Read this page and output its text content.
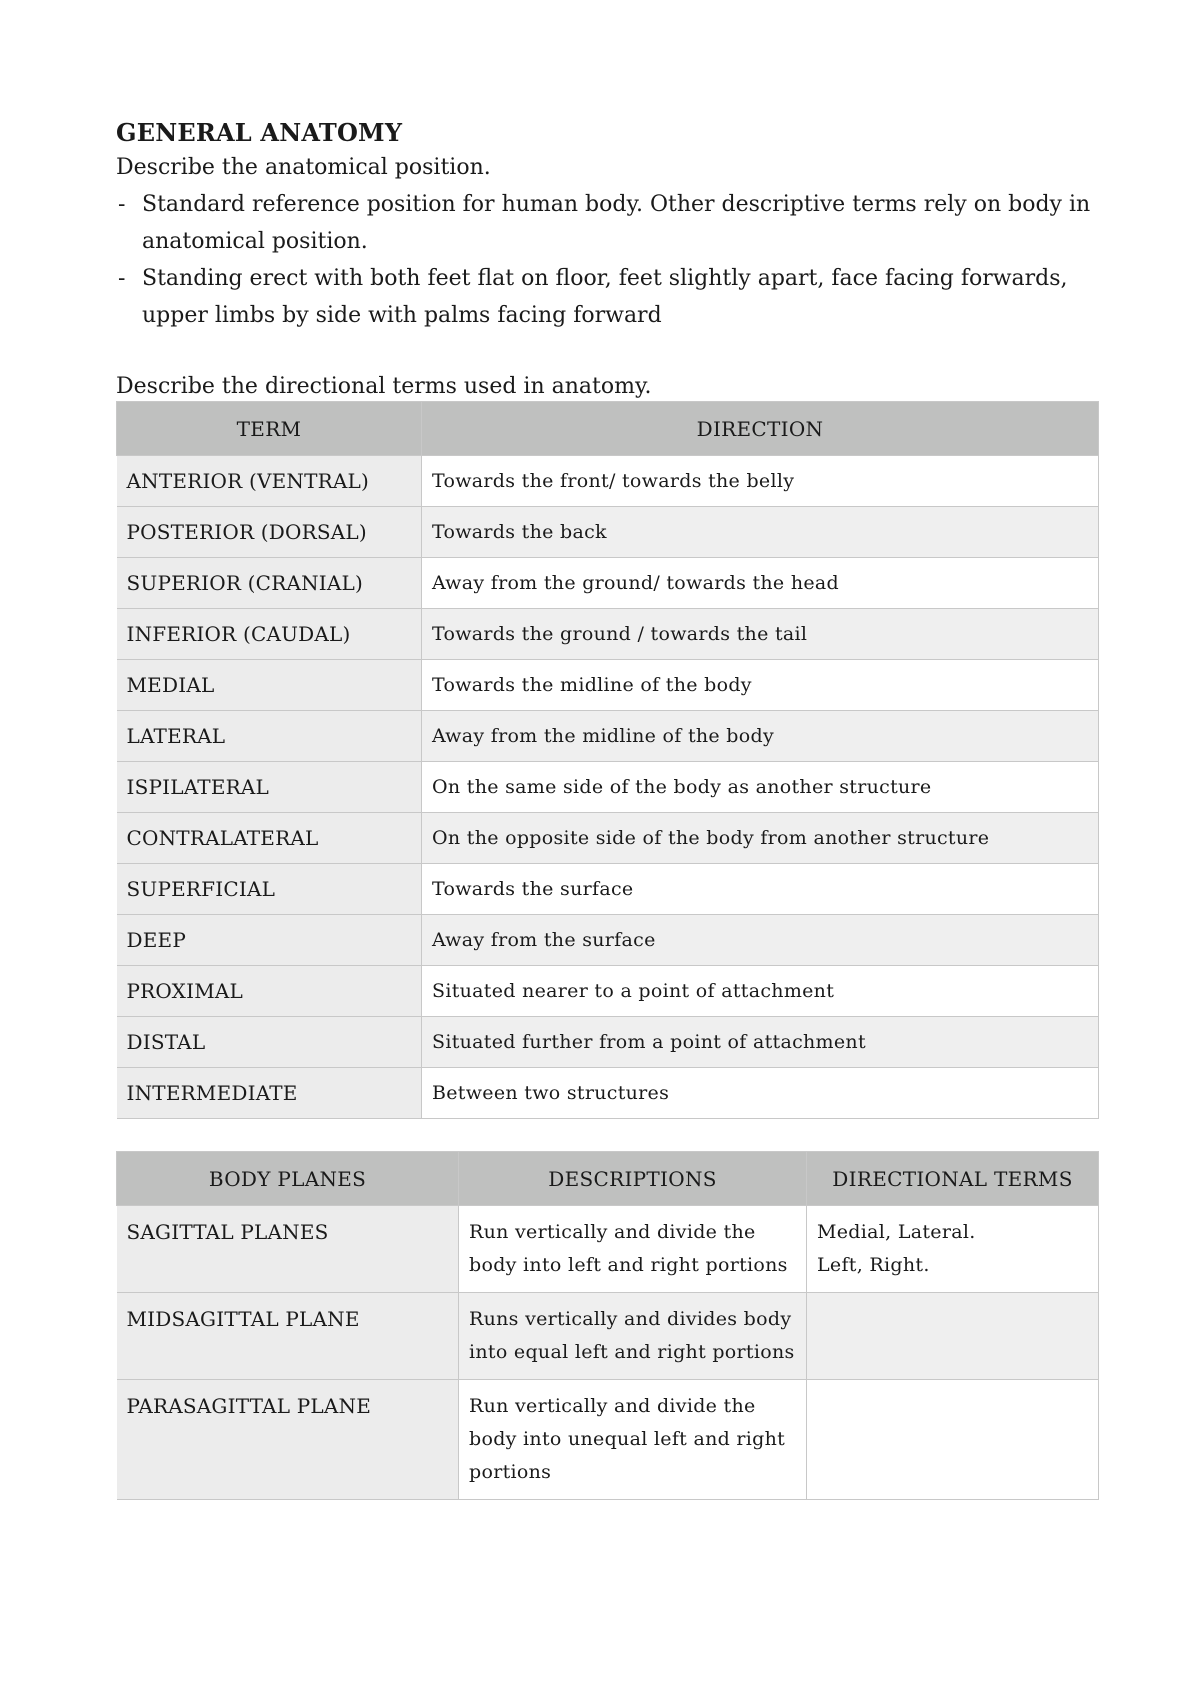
GENERAL ANATOMY

Describe the anatomical position.

- Standard reference position for human body. Other descriptive terms rely on body in anatomical position.
- Standing erect with both feet flat on floor, feet slightly apart, face facing forwards, upper limbs by side with palms facing forward

Describe the directional terms used in anatomy.

TERM	DIRECTION
ANTERIOR (VENTRAL)	Towards the front/ towards the belly
POSTERIOR (DORSAL)	Towards the back
SUPERIOR (CRANIAL)	Away from the ground/ towards the head
INFERIOR (CAUDAL)	Towards the ground / towards the tail
MEDIAL	Towards the midline of the body
LATERAL	Away from the midline of the body
ISPILATERAL	On the same side of the body as another structure
CONTRALATERAL	On the opposite side of the body from another structure
SUPERFICIAL	Towards the surface
DEEP	Away from the surface
PROXIMAL	Situated nearer to a point of attachment
DISTAL	Situated further from a point of attachment
INTERMEDIATE	Between two structures
BODY PLANES	DESCRIPTIONS	DIRECTIONAL TERMS
SAGITTAL PLANES	Run vertically and divide the body into left and right portions	Medial, Lateral.
Left, Right.

MIDSAGITTAL PLANE	Runs vertically and divides body into equal left and right portions	
PARASAGITTAL PLANE	Run vertically and divide the body into unequal left and right portions	
